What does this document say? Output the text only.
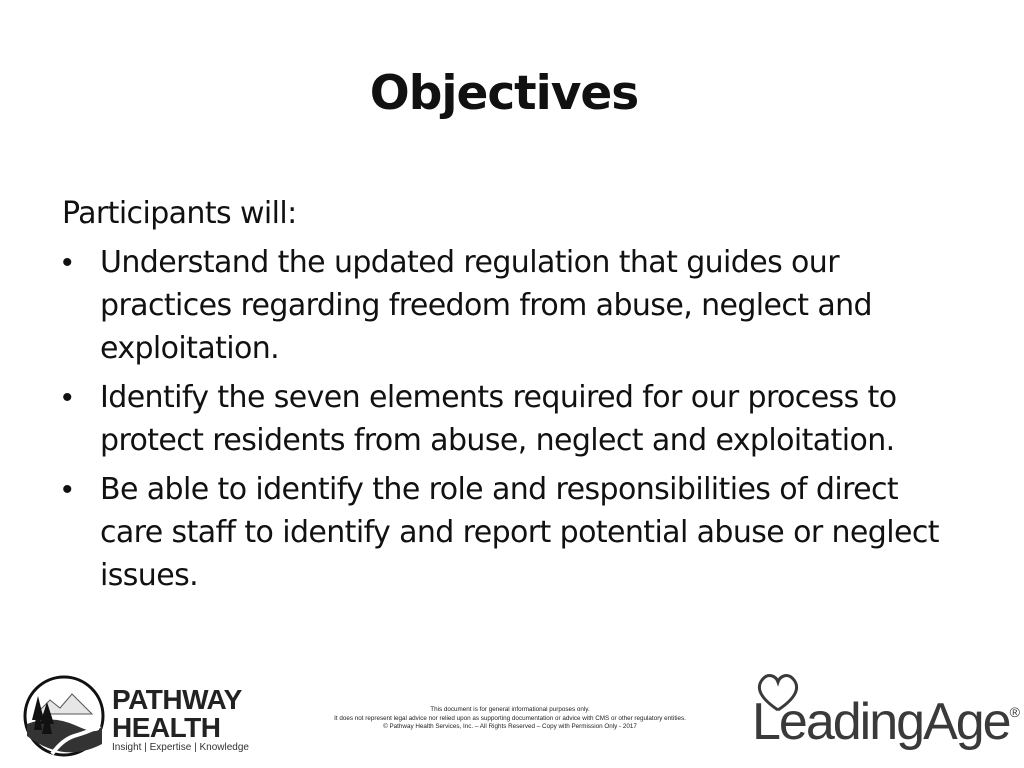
Objectives
Participants will:
• Understand the updated regulation that guides our practices regarding freedom from abuse, neglect and exploitation.
• Identify the seven elements required for our process to protect residents from abuse, neglect and exploitation.
• Be able to identify the role and responsibilities of direct care staff to identify and report potential abuse or neglect issues.
PATHWAY
HEALTH
Insight | Expertise | Knowledge
This document is for general informational purposes only.
It does not represent legal advice nor relied upon as supporting documentation or advice with CMS or other regulatory entities.
© Pathway Health Services, Inc. – All Rights Reserved – Copy with Permission Only - 2017	LeadingAge®
